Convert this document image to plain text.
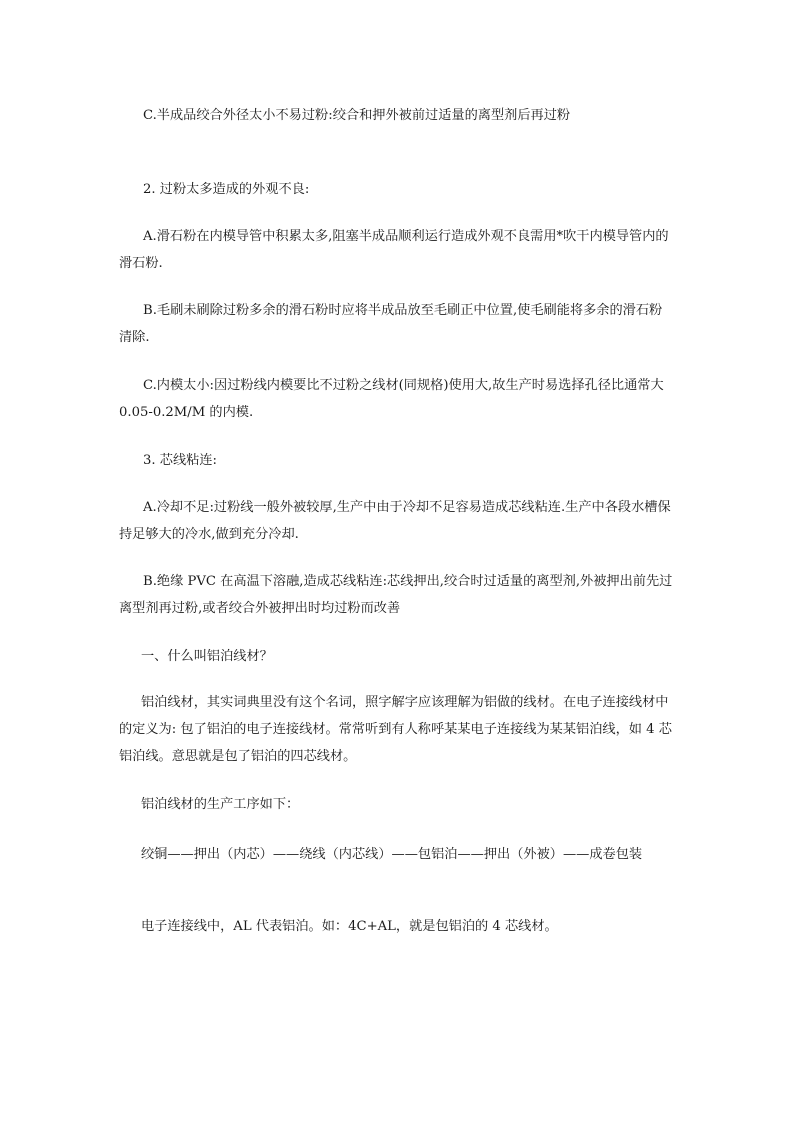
C.半成品绞合外径太小不易过粉:绞合和押外被前过适量的离型剂后再过粉

2. 过粉太多造成的外观不良:

A.滑石粉在内模导管中积累太多,阻塞半成品顺利运行造成外观不良需用*吹干内模导管内的滑石粉.

B.毛刷未刷除过粉多余的滑石粉时应将半成品放至毛刷正中位置,使毛刷能将多余的滑石粉清除.

C.内模太小:因过粉线内模要比不过粉之线材(同规格)使用大,故生产时易选择孔径比通常大 0.05-0.2M/M 的内模.

3. 芯线粘连:

A.冷却不足:过粉线一般外被较厚,生产中由于冷却不足容易造成芯线粘连.生产中各段水槽保持足够大的冷水,做到充分冷却.

B.绝缘 PVC 在高温下溶融,造成芯线粘连:芯线押出,绞合时过适量的离型剂,外被押出前先过离型剂再过粉,或者绞合外被押出时均过粉而改善

一、什么叫铝泊线材？

铝泊线材，其实词典里没有这个名词，照字解字应该理解为铝做的线材。在电子连接线材中的定义为: 包了铝泊的电子连接线材。常常听到有人称呼某某电子连接线为某某铝泊线，如 4 芯铝泊线。意思就是包了铝泊的四芯线材。

铝泊线材的生产工序如下：

绞铜——押出（内芯）——绕线（内芯线）——包铝泊——押出（外被）——成卷包装

电子连接线中，AL 代表铝泊。如：4C+AL，就是包铝泊的 4 芯线材。
